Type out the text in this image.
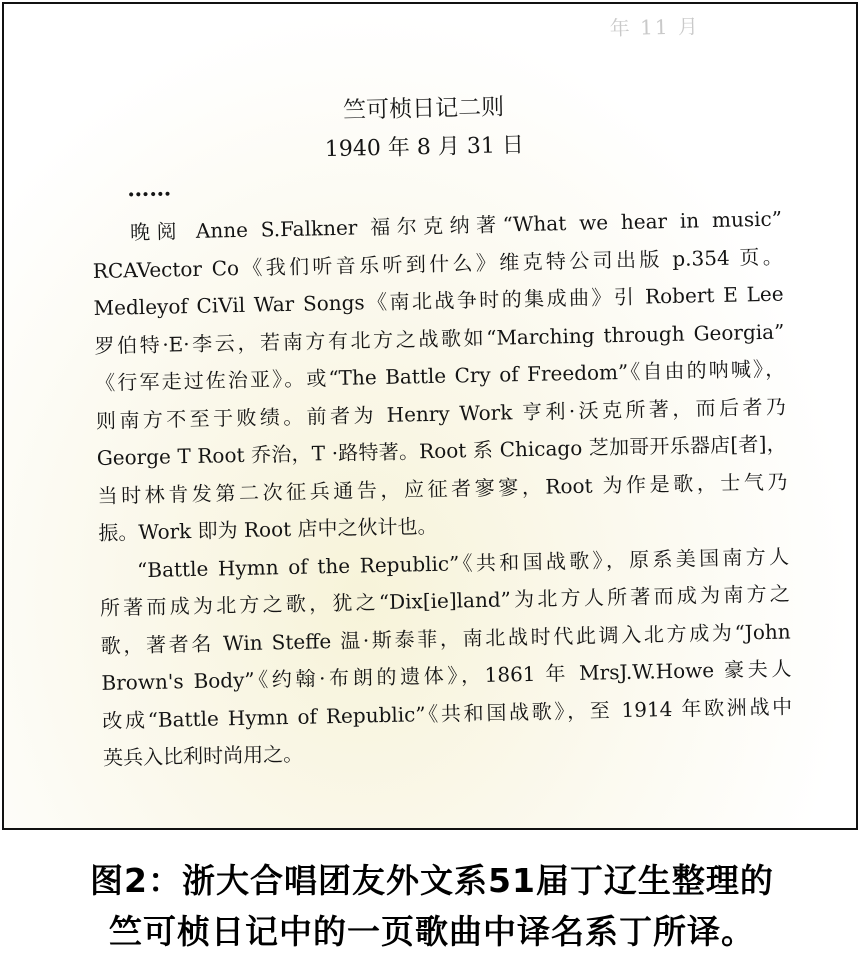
年 11 月
竺可桢日记二则
1940 年 8 月 31 日
……
晚阅 Anne S.Falkner 福尔克纳著“What we hear in music”
RCAVector Co《我们听音乐听到什么》维克特公司出版 p.354 页。
Medleyof CiVil War Songs《南北战争时的集成曲》引 Robert E Lee
罗伯特·E·李云，若南方有北方之战歌如“Marching through Georgia”
《行军走过佐治亚》。或“The Battle Cry of Freedom”《自由的呐喊》，
则南方不至于败绩。前者为 Henry Work 亨利·沃克所著，而后者乃
George T Root 乔治，T ·路特著。Root 系 Chicago 芝加哥开乐器店[者]，
当时林肯发第二次征兵通告，应征者寥寥，Root 为作是歌，士气乃
振。Work 即为 Root 店中之伙计也。
“Battle Hymn of the Republic”《共和国战歌》，原系美国南方人
所著而成为北方之歌，犹之“Dix[ie]land”为北方人所著而成为南方之
歌，著者名 Win Steffe 温·斯泰菲，南北战时代此调入北方成为“John
Brown's Body”《约翰·布朗的遗体》，1861 年 MrsJ.W.Howe 豪夫人
改成“Battle Hymn of Republic”《共和国战歌》，至 1914 年欧洲战中
英兵入比利时尚用之。
图2：浙大合唱团友外文系51届丁辽生整理的
竺可桢日记中的一页歌曲中译名系丁所译。
